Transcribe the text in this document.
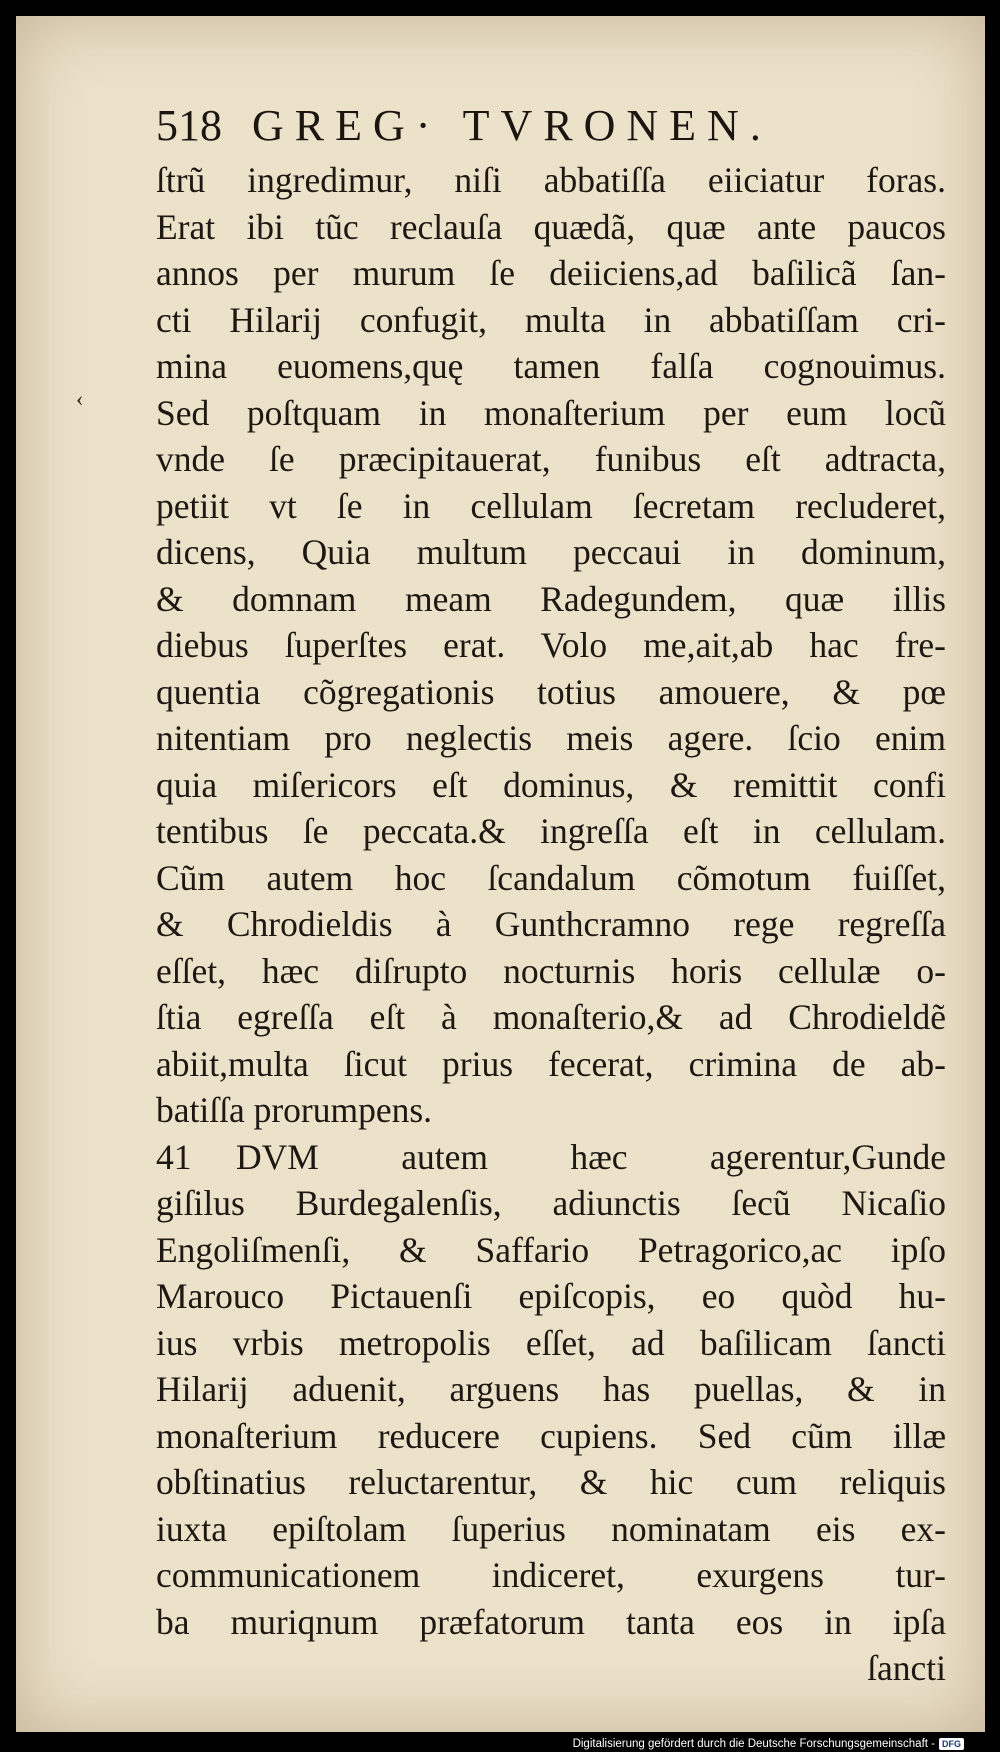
518 GREG· TVRONEN.
ſtrũ ingredimur, niſi abbatiſſa eiiciatur foras.
Erat ibi tũc reclauſa quædã, quæ ante paucos
annos per murum ſe deiiciens,ad baſilicã ſan-
cti Hilarij confugit, multa in abbatiſſam cri-
mina euomens,quę tamen falſa cognouimus.
Sed poſtquam in monaſterium per eum locũ
vnde ſe præcipitauerat, funibus eſt adtracta,
petiit vt ſe in cellulam ſecretam recluderet,
dicens, Quia multum peccaui in dominum,
& domnam meam Radegundem, quæ illis
diebus ſuperſtes erat. Volo me,ait,ab hac fre-
quentia cõgregationis totius amouere, & pœ
nitentiam pro neglectis meis agere. ſcio enim
quia miſericors eſt dominus, & remittit confi
tentibus ſe peccata.& ingreſſa eſt in cellulam.
Cũm autem hoc ſcandalum cõmotum fuiſſet,
& Chrodieldis à Gunthcramno rege regreſſa
eſſet, hæc diſrupto nocturnis horis cellulæ o-
ſtia egreſſa eſt à monaſterio,& ad Chrodieldẽ
abiit,multa ſicut prius fecerat, crimina de ab-
batiſſa prorumpens.
41 DVM autem hæc agerentur,Gunde
giſilus Burdegalenſis, adiunctis ſecũ Nicaſio
Engoliſmenſi, & Saffario Petragorico,ac ipſo
Marouco Pictauenſi epiſcopis, eo quòd hu-
ius vrbis metropolis eſſet, ad baſilicam ſancti
Hilarij aduenit, arguens has puellas, & in
monaſterium reducere cupiens. Sed cũm illæ
obſtinatius reluctarentur, & hic cum reliquis
iuxta epiſtolam ſuperius nominatam eis ex-
communicationem indiceret, exurgens tur-
ba muriqnum præfatorum tanta eos in ipſa
ſancti
‹
Digitalisierung gefördert durch die Deutsche Forschungsgemeinschaft - DFG
